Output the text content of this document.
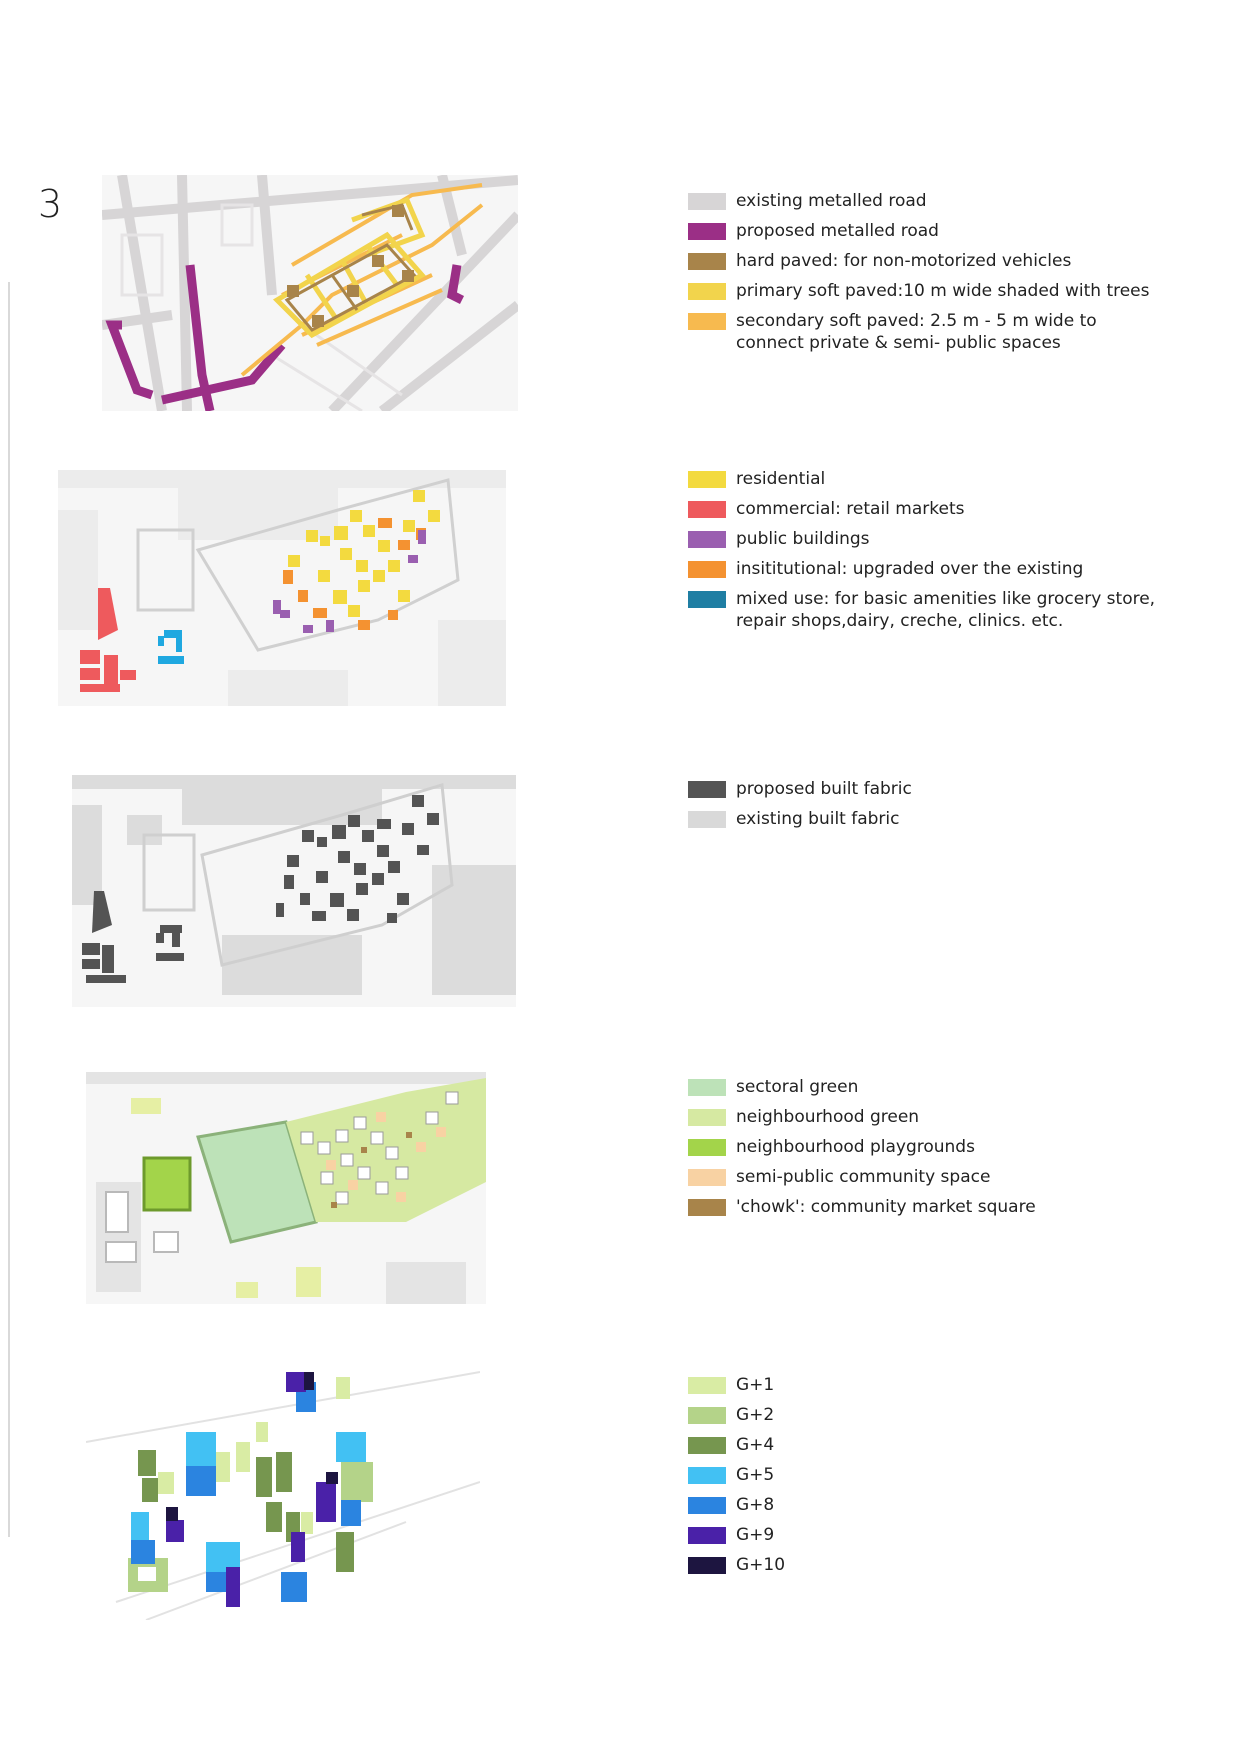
3	existing metalled road
proposed metalled road
hard paved: for non-motorized vehicles
primary soft paved:10 m wide shaded with trees
secondary soft paved: 2.5 m - 5 m wide to
connect private & semi- public spaces
residential
commercial: retail markets
public buildings
insititutional: upgraded over the existing
mixed use: for basic amenities like grocery store,
repair shops,dairy, creche, clinics. etc.
proposed built fabric
existing built fabric
sectoral green
neighbourhood green
neighbourhood playgrounds
semi-public community space
'chowk': community market square
G+1
G+2
G+4
G+5
G+8
G+9
G+10
